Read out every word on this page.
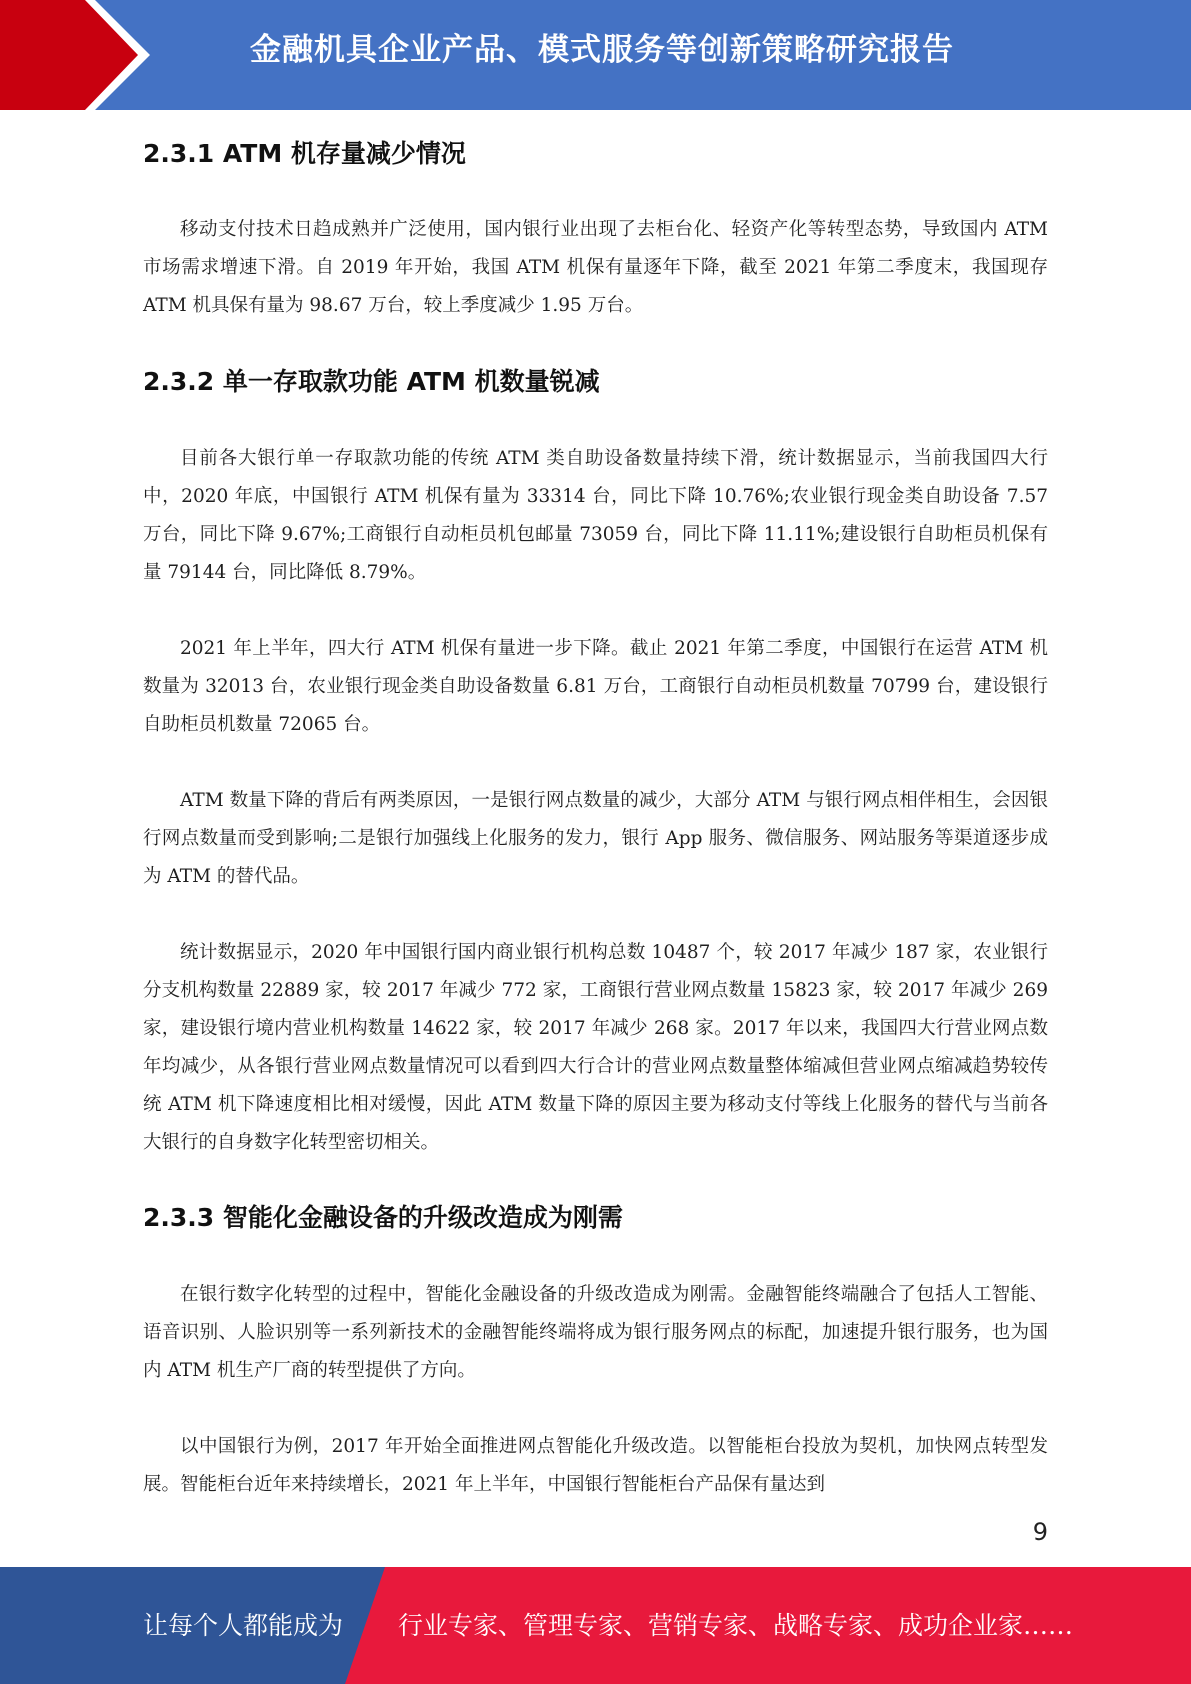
金融机具企业产品、模式服务等创新策略研究报告
2.3.1 ATM 机存量减少情况

移动支付技术日趋成熟并广泛使用，国内银行业出现了去柜台化、轻资产化等转型态势，导致国内 ATM 市场需求增速下滑。自 2019 年开始，我国 ATM 机保有量逐年下降，截至 2021 年第二季度末，我国现存 ATM 机具保有量为 98.67 万台，较上季度减少 1.95 万台。

2.3.2 单一存取款功能 ATM 机数量锐减

目前各大银行单一存取款功能的传统 ATM 类自助设备数量持续下滑，统计数据显示，当前我国四大行中，2020 年底，中国银行 ATM 机保有量为 33314 台，同比下降 10.76%;农业银行现金类自助设备 7.57 万台，同比下降 9.67%;工商银行自动柜员机包邮量 73059 台，同比下降 11.11%;建设银行自助柜员机保有量 79144 台，同比降低 8.79%。

2021 年上半年，四大行 ATM 机保有量进一步下降。截止 2021 年第二季度，中国银行在运营 ATM 机数量为 32013 台，农业银行现金类自助设备数量 6.81 万台，工商银行自动柜员机数量 70799 台，建设银行自助柜员机数量 72065 台。

ATM 数量下降的背后有两类原因，一是银行网点数量的减少，大部分 ATM 与银行网点相伴相生，会因银行网点数量而受到影响;二是银行加强线上化服务的发力，银行 App 服务、微信服务、网站服务等渠道逐步成为 ATM 的替代品。

统计数据显示，2020 年中国银行国内商业银行机构总数 10487 个，较 2017 年减少 187 家，农业银行分支机构数量 22889 家，较 2017 年减少 772 家，工商银行营业网点数量 15823 家，较 2017 年减少 269 家，建设银行境内营业机构数量 14622 家，较 2017 年减少 268 家。2017 年以来，我国四大行营业网点数年均减少，从各银行营业网点数量情况可以看到四大行合计的营业网点数量整体缩减但营业网点缩减趋势较传统 ATM 机下降速度相比相对缓慢，因此 ATM 数量下降的原因主要为移动支付等线上化服务的替代与当前各大银行的自身数字化转型密切相关。

2.3.3 智能化金融设备的升级改造成为刚需

在银行数字化转型的过程中，智能化金融设备的升级改造成为刚需。金融智能终端融合了包括人工智能、语音识别、人脸识别等一系列新技术的金融智能终端将成为银行服务网点的标配，加速提升银行服务，也为国内 ATM 机生产厂商的转型提供了方向。

以中国银行为例，2017 年开始全面推进网点智能化升级改造。以智能柜台投放为契机，加快网点转型发展。智能柜台近年来持续增长，2021 年上半年，中国银行智能柜台产品保有量达到

9
让每个人都能成为 行业专家、管理专家、营销专家、战略专家、成功企业家……
